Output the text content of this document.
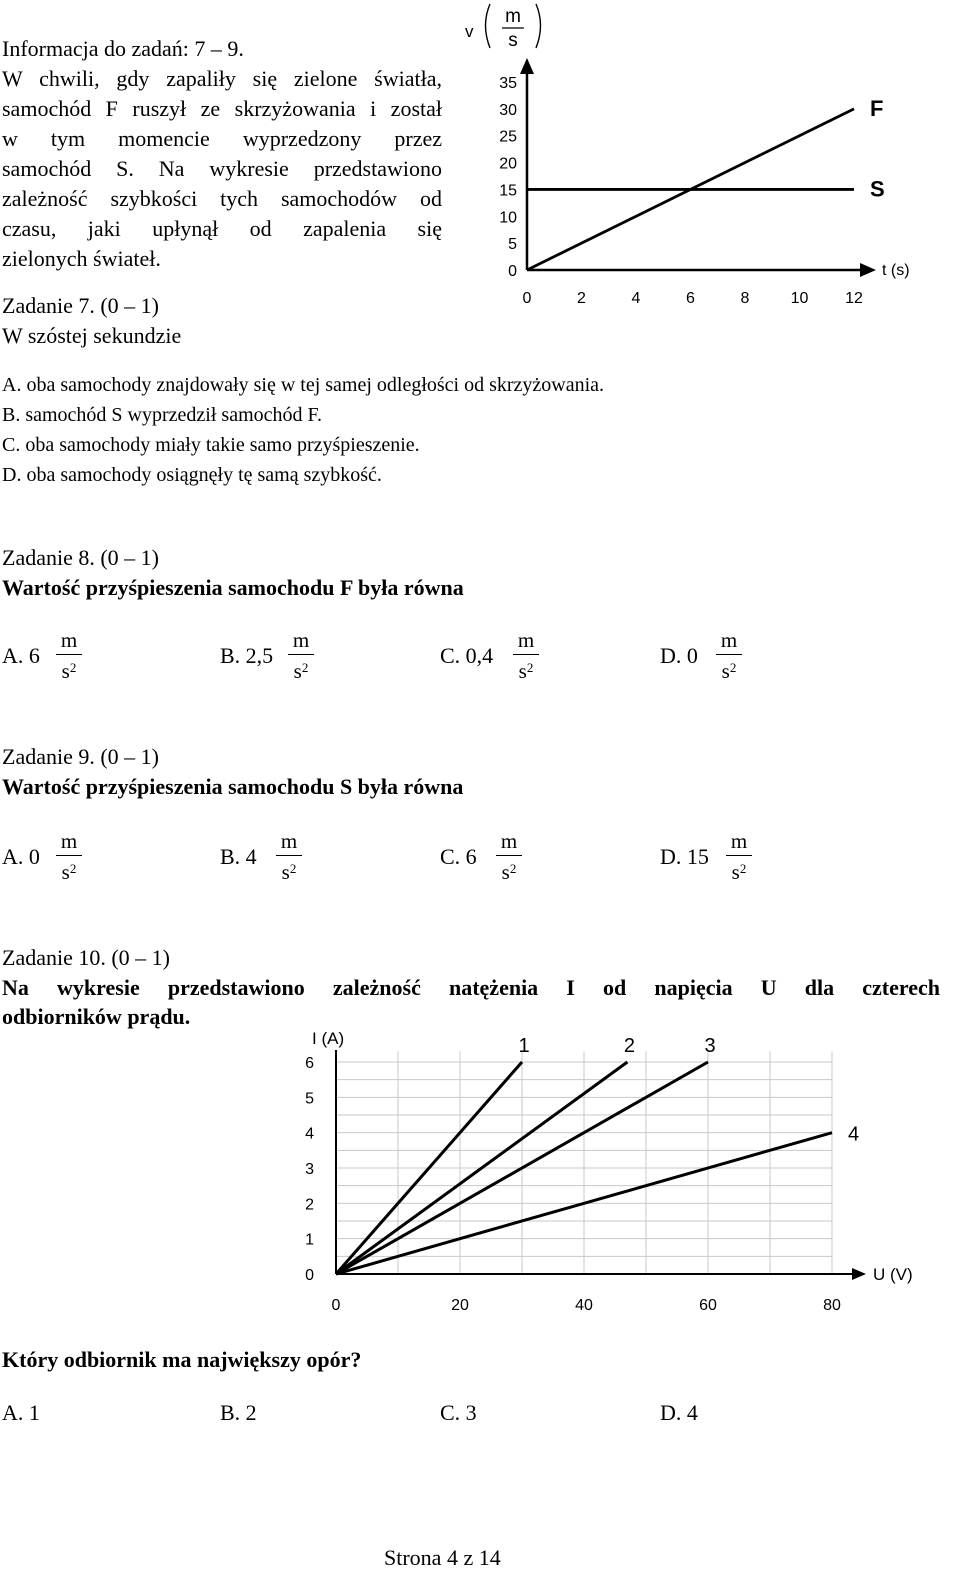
Informacja do zadań: 7 – 9.
W chwili, gdy zapaliły się zielone światła,
samochód F ruszył ze skrzyżowania i został
w tym momencie wyprzedzony przez
samochód S. Na wykresie przedstawiono
zależność szybkości tych samochodów od
czasu, jaki upłynął od zapalenia się
zielonych świateł.
Zadanie 7. (0 – 1)
W szóstej sekundzie
v
m
s
0
5
10
15
20
25
30
35
0	2	4	6	8	10 12
t (s)
F
S
A. oba samochody znajdowały się w tej samej odległości od skrzyżowania.
B. samochód S wyprzedził samochód F.
C. oba samochody miały takie samo przyśpieszenie.
D. oba samochody osiągnęły tę samą szybkość.
Zadanie 8. (0 – 1)
Wartość przyśpieszenia samochodu F była równa
A. 6
m
$s^2$	B. 2,5
m
$s^2$	C. 0,4
m
$s^2$	D. 0
m
$s^2$
Zadanie 9. (0 – 1)
Wartość przyśpieszenia samochodu S była równa
A. 0
m
$s^2$	B. 4
m
$s^2$	C. 6
m
$s^2$	D. 15
m
$s^2$
Zadanie 10. (0 – 1)
Na wykresie przedstawiono zależność natężenia I od napięcia U dla czterech
odbiorników prądu.
I (A)
U (V)
0
1
2
3
4
5
6
0	20	40	60	80
1	2	3
4
Który odbiornik ma największy opór?
A. 1	B. 2	C. 3	D. 4
Strona 4 z 14
